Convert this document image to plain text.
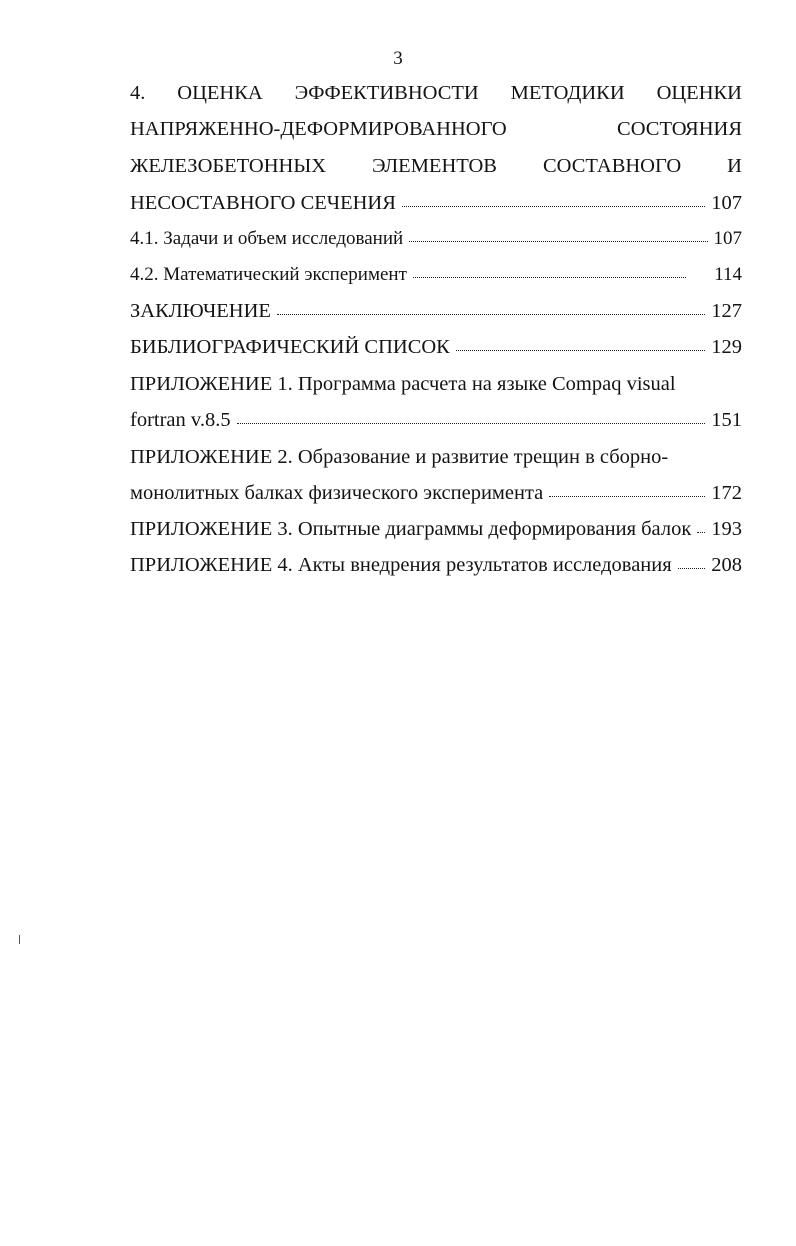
3
4. ОЦЕНКА ЭФФЕКТИВНОСТИ МЕТОДИКИ ОЦЕНКИ
НАПРЯЖЕННО-ДЕФОРМИРОВАННОГО	СОСТОЯНИЯ
ЖЕЛЕЗОБЕТОННЫХ ЭЛЕМЕНТОВ СОСТАВНОГО И
НЕСОСТАВНОГО СЕЧЕНИЯ	107
4.1. Задачи и объем исследований	107
4.2. Математический эксперимент	114
ЗАКЛЮЧЕНИЕ	127
БИБЛИОГРАФИЧЕСКИЙ СПИСОК	129
ПРИЛОЖЕНИЕ 1. Программа расчета на языке Compaq visual
fortran v.8.5	151
ПРИЛОЖЕНИЕ 2. Образование и развитие трещин в сборно-
монолитных балках физического эксперимента	172
ПРИЛОЖЕНИЕ 3. Опытные диаграммы деформирования балок 193
ПРИЛОЖЕНИЕ 4. Акты внедрения результатов исследования 208
